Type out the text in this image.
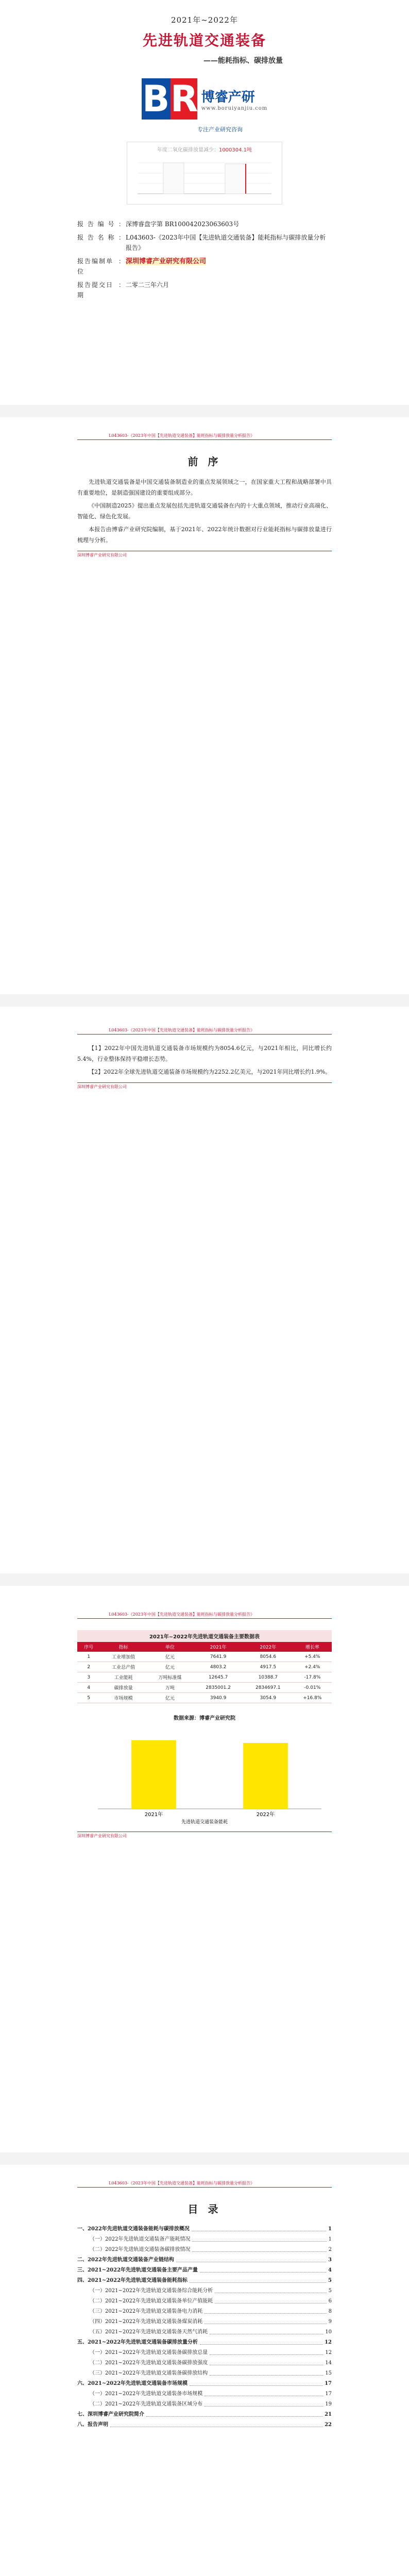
2021年~2022年
先进轨道交通装备
——能耗指标、碳排放量
B R 博睿产研
www.boruiyanjiu.com
专注产业研究咨询
年度二氧化碳排放量减少：1000304.1吨
报 告 编 号 ： 深博睿盘字第 BR100042023063603号
报 告 名 称 ： L043603-《2023年中国【先进轨道交通装备】能耗指标与碳排放量分析报告》
报告编制单位
： 深圳博睿产业研究有限公司
报告提交日期
： 二零二三年六月
L043603-《2023年中国【先进轨道交通装备】能耗指标与碳排放量分析报告》
前 序

先进轨道交通装备是中国交通装备制造业的重点发展领域之一，在国家重大工程和战略部署中具有重要地位，是制造强国建设的重要组成部分。

《中国制造2025》提出重点发展包括先进轨道交通装备在内的十大重点领域，推动行业高端化、智能化、绿色化发展。

本报告由博睿产业研究院编制，基于2021年、2022年统计数据对行业能耗指标与碳排放量进行梳理与分析。

深圳博睿产业研究有限公司
L043603-《2023年中国【先进轨道交通装备】能耗指标与碳排放量分析报告》

【1】2022年中国先进轨道交通装备市场规模约为8054.6亿元，与2021年相比，同比增长约5.4%，行业整体保持平稳增长态势。

【2】2022年全球先进轨道交通装备市场规模约为2252.2亿美元，与2021年同比增长约1.9%。

深圳博睿产业研究有限公司
L043603-《2023年中国【先进轨道交通装备】能耗指标与碳排放量分析报告》
2021年~2022年先进轨道交通装备主要数据表
序号	指标	单位	2021年	2022年	增长率
1	工业增加值	亿元	7641.9	8054.6	+5.4%
2	工业总产值	亿元	4803.2	4917.5	+2.4%
3	工业能耗	万吨标准煤	12645.7	10388.7	-17.8%
4	碳排放量	万吨	2835001.2	2834697.1	-0.01%
5	市场规模	亿元	3940.9	3054.9	+16.8%
数据来源：博睿产业研究院
2021年	2022年
先进轨道交通装备能耗
深圳博睿产业研究有限公司
L043603-《2023年中国【先进轨道交通装备】能耗指标与碳排放量分析报告》
目 录
一、2022年先进轨道交通装备能耗与碳排放概况	1
（一）2022年先进轨道交通装备产能耗情况	1
（二）2022年先进轨道交通装备碳排放情况	2
二、2022年先进轨道交通装备产业链结构	3
三、2021~2022年先进轨道交通装备主要产品产量	4
四、2021~2022年先进轨道交通装备能耗指标	5
（一）2021~2022年先进轨道交通装备综合能耗分析	5
（二）2021~2022年先进轨道交通装备单位产值能耗	6
（三）2021~2022年先进轨道交通装备电力消耗	8
（四）2021~2022年先进轨道交通装备煤炭消耗	9
（五）2021~2022年先进轨道交通装备天然气消耗	10
五、2021~2022年先进轨道交通装备碳排放量分析	12
（一）2021~2022年先进轨道交通装备碳排放总量	12
（二）2021~2022年先进轨道交通装备碳排放强度	14
（三）2021~2022年先进轨道交通装备碳排放结构	15
六、2021~2022年先进轨道交通装备市场规模	17
（一）2021~2022年先进轨道交通装备市场规模	17
（二）2021~2022年先进轨道交通装备区域分布	19
七、深圳博睿产业研究院简介	21
八、报告声明	22
